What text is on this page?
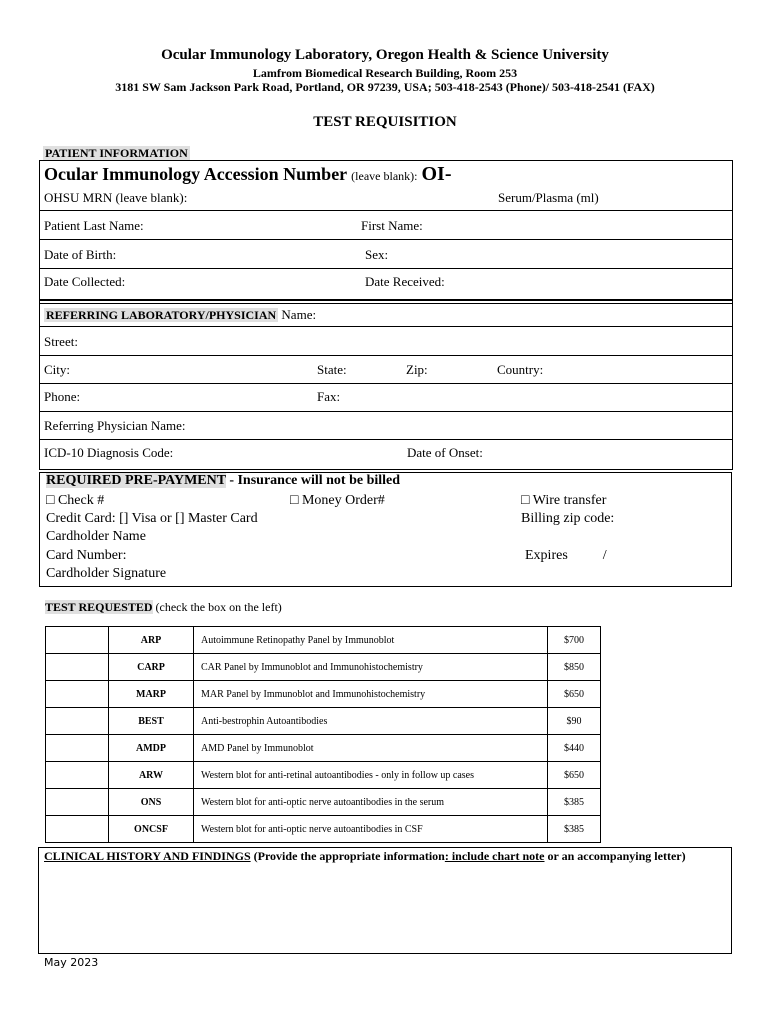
Ocular Immunology Laboratory, Oregon Health & Science University
Lamfrom Biomedical Research Building, Room 253
3181 SW Sam Jackson Park Road, Portland, OR 97239, USA; 503-418-2543 (Phone)/ 503-418-2541 (FAX)
TEST REQUISITION
PATIENT INFORMATION
Ocular Immunology Accession Number (leave blank): OI-
OHSU MRN (leave blank):	Serum/Plasma (ml)
Patient Last Name:	First Name:
Date of Birth:	Sex:
Date Collected:	Date Received:
REFERRING LABORATORY/PHYSICIAN Name:
Street:
City:	State:	Zip:	Country:
Phone:	Fax:
Referring Physician Name:
ICD-10 Diagnosis Code:	Date of Onset:
REQUIRED PRE-PAYMENT - Insurance will not be billed
□ Check #	□ Money Order#	□ Wire transfer
Credit Card: [] Visa or [] Master Card	Billing zip code:
Cardholder Name
Card Number:	Expires          /
Cardholder Signature
TEST REQUESTED (check the box on the left)
	ARP	Autoimmune Retinopathy Panel by Immunoblot	$700
	CARP	CAR Panel by Immunoblot and Immunohistochemistry	$850
	MARP	MAR Panel by Immunoblot and Immunohistochemistry	$650
	BEST	Anti-bestrophin Autoantibodies	$90
	AMDP	AMD Panel by Immunoblot	$440
	ARW	Western blot for anti-retinal autoantibodies - only in follow up cases	$650
	ONS	Western blot for anti-optic nerve autoantibodies in the serum	$385
	ONCSF	Western blot for anti-optic nerve autoantibodies in CSF	$385
CLINICAL HISTORY AND FINDINGS (Provide the appropriate information: include chart note or an accompanying letter)
May 2023
